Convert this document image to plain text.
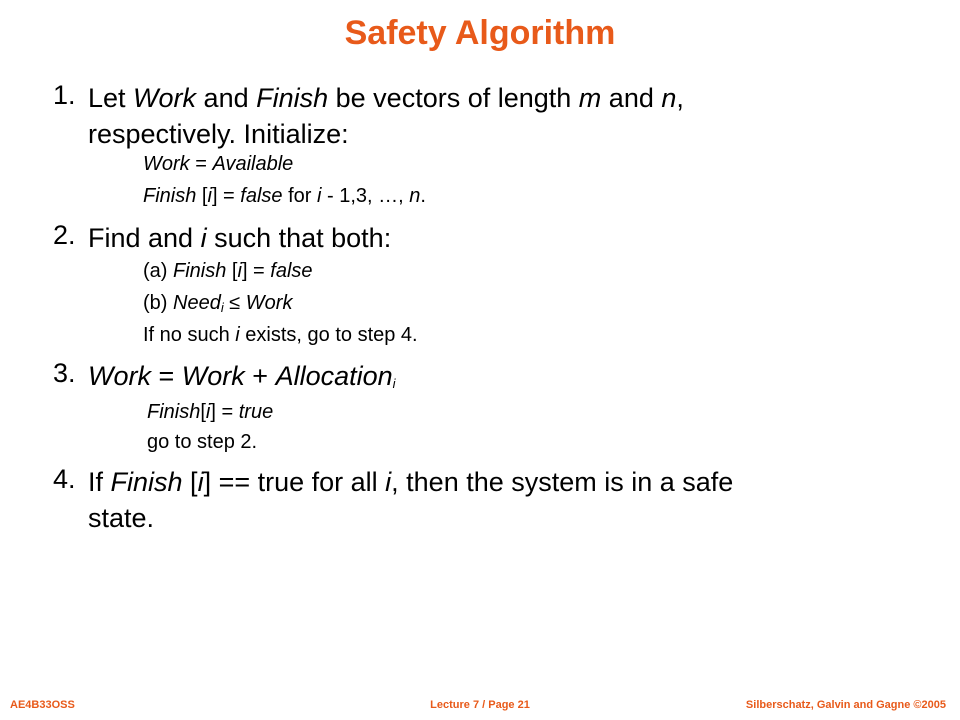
Safety Algorithm
1. Let Work and Finish be vectors of length m and n,
respectively. Initialize:
Work = Available
Finish [i] = false for i - 1,3, …, n.
2. Find and i such that both:
(a) Finish [i] = false
(b) Need$_i$ ≤ Work
If no such i exists, go to step 4.
3. Work = Work + Allocation$_i$
Finish[i] = true
go to step 2.
4. If Finish [i] == true for all i, then the system is in a safe
state.
AE4B33OSS	Lecture 7 / Page 21	Silberschatz, Galvin and Gagne ©2005
